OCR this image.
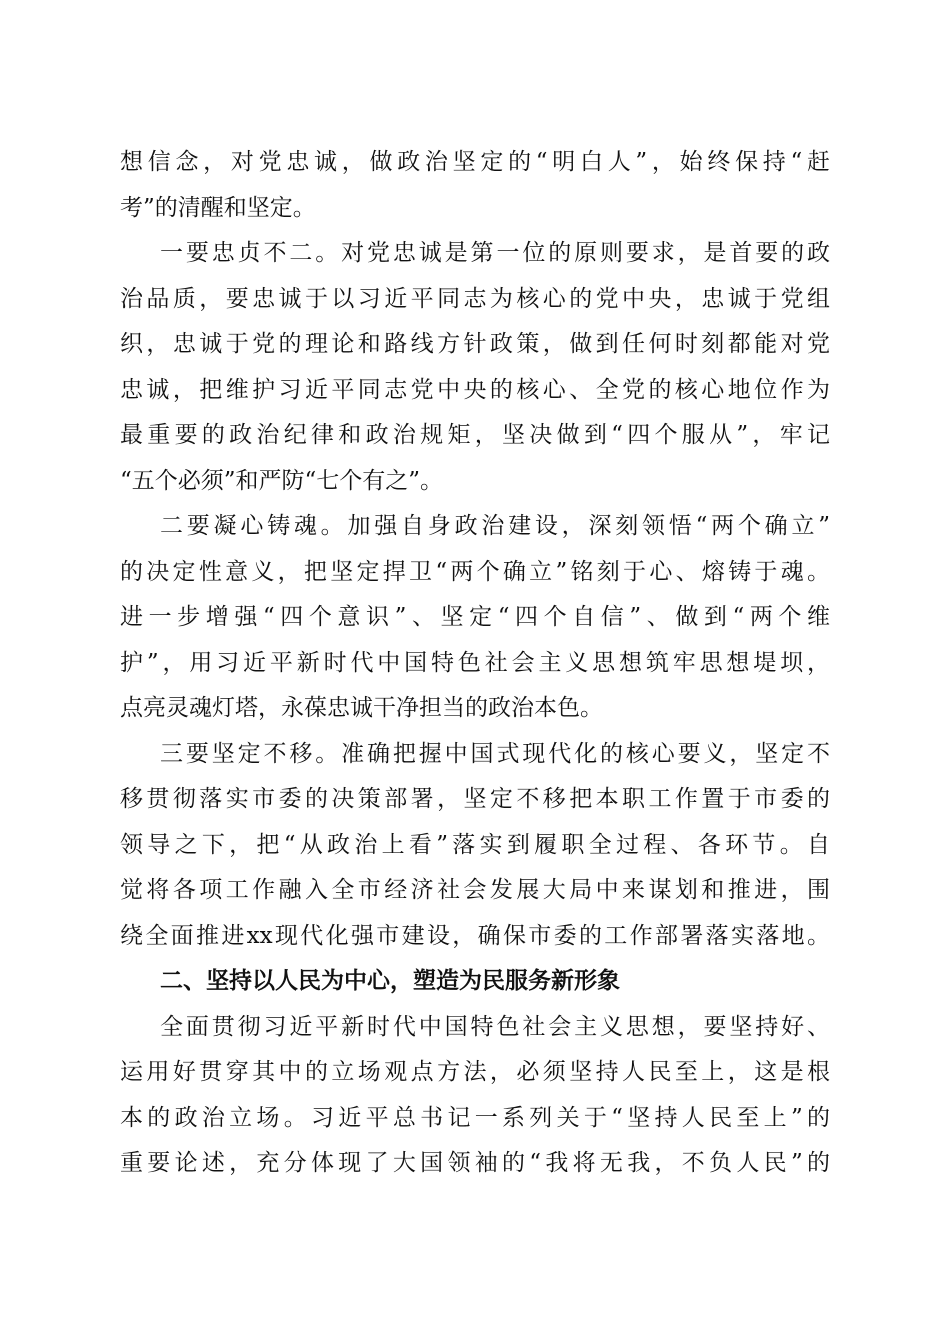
想信念，对党忠诚，做政治坚定的“明白人”，始终保持“赶
考”的清醒和坚定。
一要忠贞不二。对党忠诚是第一位的原则要求，是首要的政
治品质，要忠诚于以习近平同志为核心的党中央，忠诚于党组
织，忠诚于党的理论和路线方针政策，做到任何时刻都能对党
忠诚，把维护习近平同志党中央的核心、全党的核心地位作为
最重要的政治纪律和政治规矩，坚决做到“四个服从”，牢记
“五个必须”和严防“七个有之”。
二要凝心铸魂。加强自身政治建设，深刻领悟“两个确立”
的决定性意义，把坚定捍卫“两个确立”铭刻于心、熔铸于魂。
进一步增强“四个意识”、坚定“四个自信”、做到“两个维
护”，用习近平新时代中国特色社会主义思想筑牢思想堤坝，
点亮灵魂灯塔，永葆忠诚干净担当的政治本色。
三要坚定不移。准确把握中国式现代化的核心要义，坚定不
移贯彻落实市委的决策部署，坚定不移把本职工作置于市委的
领导之下，把“从政治上看”落实到履职全过程、各环节。自
觉将各项工作融入全市经济社会发展大局中来谋划和推进，围
绕全面推进xx现代化强市建设，确保市委的工作部署落实落地。
二、坚持以人民为中心，塑造为民服务新形象
全面贯彻习近平新时代中国特色社会主义思想，要坚持好、
运用好贯穿其中的立场观点方法，必须坚持人民至上，这是根
本的政治立场。习近平总书记一系列关于“坚持人民至上”的
重要论述，充分体现了大国领袖的“我将无我，不负人民”的
